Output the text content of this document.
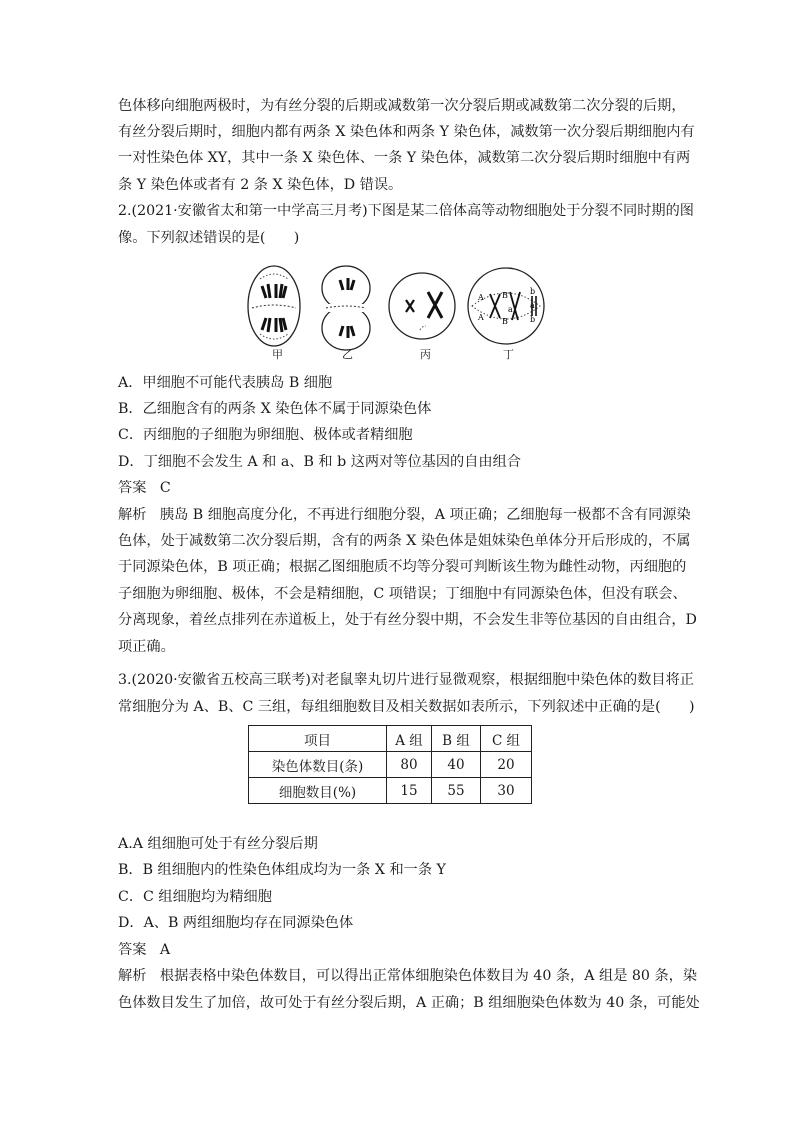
色体移向细胞两极时，为有丝分裂的后期或减数第一次分裂后期或减数第二次分裂的后期，
有丝分裂后期时，细胞内都有两条 X 染色体和两条 Y 染色体，减数第一次分裂后期细胞内有
一对性染色体 XY，其中一条 X 染色体、一条 Y 染色体，减数第二次分裂后期时细胞中有两
条 Y 染色体或者有 2 条 X 染色体，D 错误。
2.(2021·安徽省太和第一中学高三月考)下图是某二倍体高等动物细胞处于分裂不同时期的图
像。下列叙述错误的是(　　)
A B
a
b
A B
a
b
甲	乙	丙	丁
A．甲细胞不可能代表胰岛 B 细胞
B．乙细胞含有的两条 X 染色体不属于同源染色体
C．丙细胞的子细胞为卵细胞、极体或者精细胞
D．丁细胞不会发生 A 和 a、B 和 b 这两对等位基因的自由组合
答案 C
解析 胰岛 B 细胞高度分化，不再进行细胞分裂，A 项正确；乙细胞每一极都不含有同源染
色体，处于减数第二次分裂后期，含有的两条 X 染色体是姐妹染色单体分开后形成的，不属
于同源染色体，B 项正确；根据乙图细胞质不均等分裂可判断该生物为雌性动物，丙细胞的
子细胞为卵细胞、极体，不会是精细胞，C 项错误；丁细胞中有同源染色体，但没有联会、
分离现象，着丝点排列在赤道板上，处于有丝分裂中期，不会发生非等位基因的自由组合，D
项正确。
3.(2020·安徽省五校高三联考)对老鼠睾丸切片进行显微观察，根据细胞中染色体的数目将正
常细胞分为 A、B、C 三组，每组细胞数目及相关数据如表所示，下列叙述中正确的是(　　)
项目	A 组	B 组	C 组
染色体数目(条)	80	40	20
细胞数目(%)	15	55	30
A.A 组细胞可处于有丝分裂后期
B．B 组细胞内的性染色体组成均为一条 X 和一条 Y
C．C 组细胞均为精细胞
D．A、B 两组细胞均存在同源染色体
答案 A
解析 根据表格中染色体数目，可以得出正常体细胞染色体数目为 40 条，A 组是 80 条，染
色体数目发生了加倍，故可处于有丝分裂后期，A 正确；B 组细胞染色体数为 40 条，可能处
